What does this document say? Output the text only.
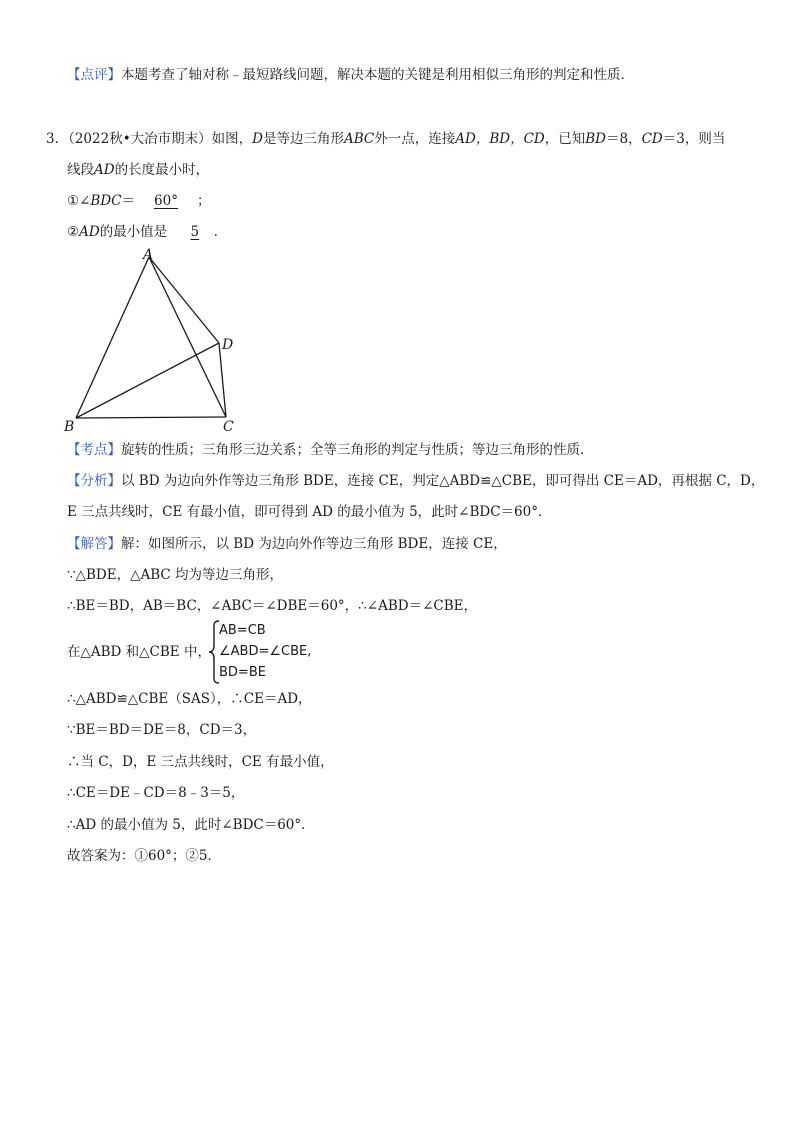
【点评】本题考查了轴对称﹣最短路线问题，解决本题的关键是利用相似三角形的判定和性质．
3．（2022秋•大冶市期末）如图，D是等边三角形ABC外一点，连接AD，BD，CD，已知BD＝8，CD＝3，则当
线段AD的长度最小时，
①∠BDC＝ 60° ；
②AD的最小值是 5 ．
A
B	C
D
【考点】旋转的性质；三角形三边关系；全等三角形的判定与性质；等边三角形的性质．
【分析】以 BD 为边向外作等边三角形 BDE，连接 CE，判定△ABD≌△CBE，即可得出 CE＝AD，再根据 C，D，
E 三点共线时，CE 有最小值，即可得到 AD 的最小值为 5，此时∠BDC＝60°．
【解答】解：如图所示，以 BD 为边向外作等边三角形 BDE，连接 CE，
∵△BDE，△ABC 均为等边三角形，
∴BE＝BD，AB＝BC，∠ABC＝∠DBE＝60°，∴∠ABD＝∠CBE，
在△ABD 和△CBE 中，
AB=CB
∠ABD=∠CBE,
BD=BE
∴△ABD≌△CBE（SAS），∴CE＝AD，
∵BE＝BD＝DE＝8，CD＝3，
∴当 C，D，E 三点共线时，CE 有最小值，
∴CE＝DE﹣CD＝8﹣3＝5，
∴AD 的最小值为 5，此时∠BDC＝60°．
故答案为：①60°；②5．
